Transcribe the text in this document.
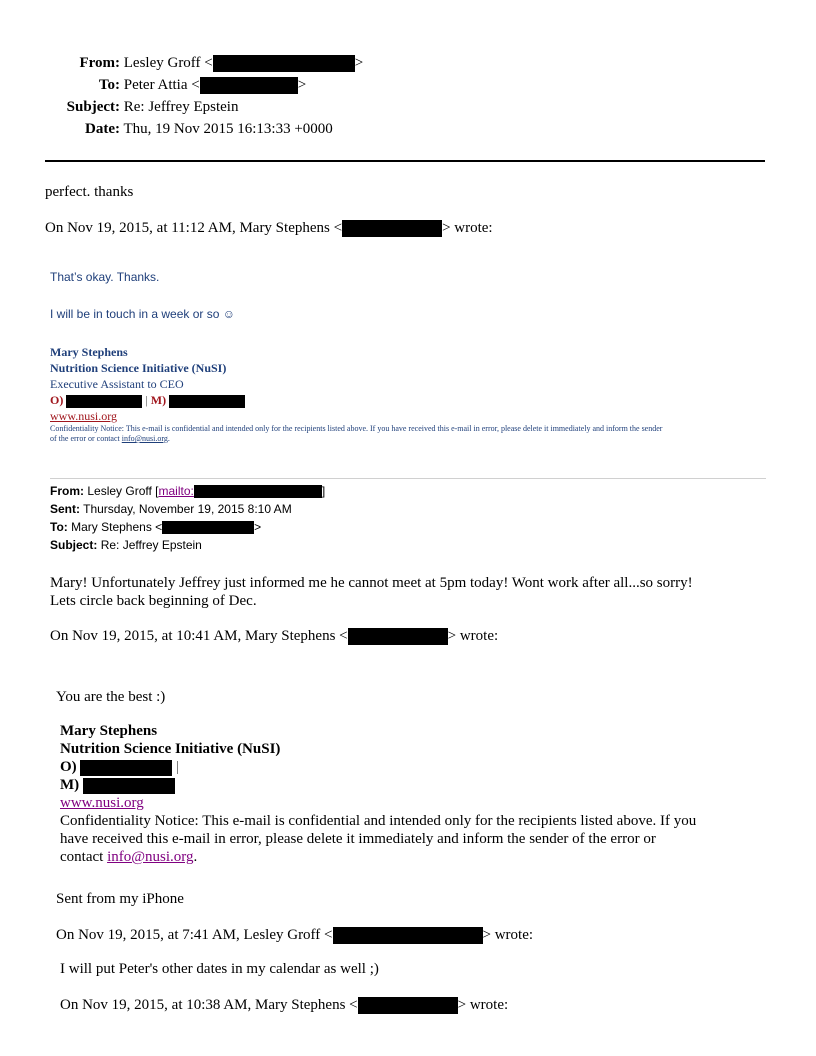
From: Lesley Groff <	>
To: Peter Attia <	>
Subject: Re: Jeffrey Epstein
Date: Thu, 19 Nov 2015 16:13:33 +0000
perfect. thanks
On Nov 19, 2015, at 11:12 AM, Mary Stephens <	> wrote:
That’s okay. Thanks.
I will be in touch in a week or so ☺
Mary Stephens
Nutrition Science Initiative (NuSI)
Executive Assistant to CEO
O)	| M)
www.nusi.org
Confidentiality Notice: This e-mail is confidential and intended only for the recipients listed above. If you have received this e-mail in error, please delete it immediately and inform the sender
of the error or contact info@nusi.org.
From: Lesley Groff [mailto:	]
Sent: Thursday, November 19, 2015 8:10 AM
To: Mary Stephens <	>
Subject: Re: Jeffrey Epstein
Mary! Unfortunately Jeffrey just informed me he cannot meet at 5pm today! Wont work after all...so sorry!
Lets circle back beginning of Dec.
On Nov 19, 2015, at 10:41 AM, Mary Stephens <	> wrote:
You are the best :)
Mary Stephens
Nutrition Science Initiative (NuSI)
O)	|
M)
www.nusi.org
Confidentiality Notice: This e-mail is confidential and intended only for the recipients listed above. If you
have received this e-mail in error, please delete it immediately and inform the sender of the error or
contact info@nusi.org.
Sent from my iPhone
On Nov 19, 2015, at 7:41 AM, Lesley Groff <	> wrote:
I will put Peter's other dates in my calendar as well ;)
On Nov 19, 2015, at 10:38 AM, Mary Stephens <	> wrote:
